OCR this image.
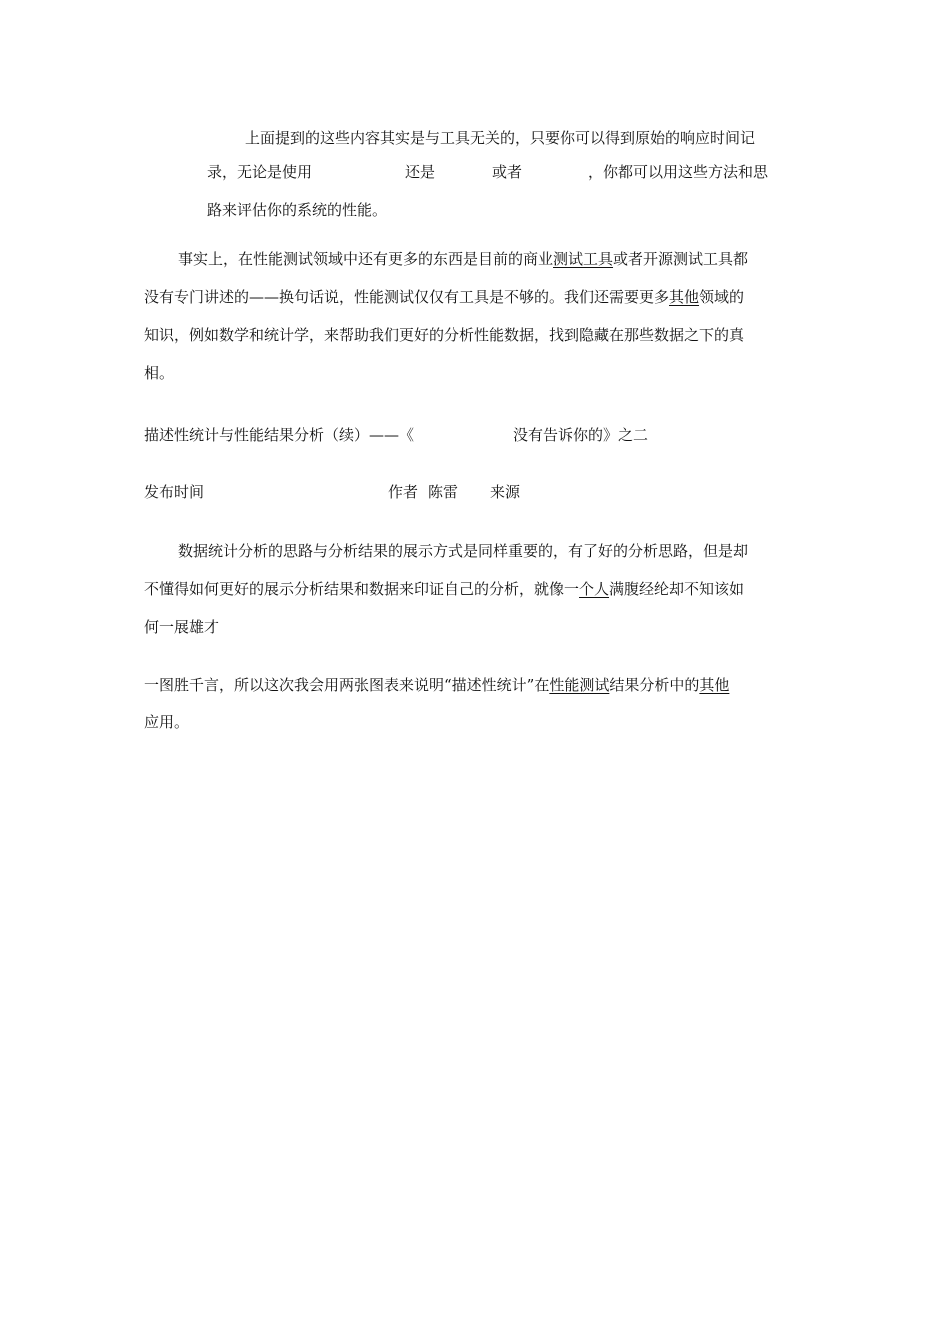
上面提到的这些内容其实是与工具无关的，只要你可以得到原始的响应时间记
录，无论是使用	还是	或者	，你都可以用这些方法和思
路来评估你的系统的性能。
事实上，在性能测试领域中还有更多的东西是目前的商业测试工具或者开源测试工具都
没有专门讲述的——换句话说，性能测试仅仅有工具是不够的。我们还需要更多其他领域的
知识，例如数学和统计学，来帮助我们更好的分析性能数据，找到隐藏在那些数据之下的真
相。
描述性统计与性能结果分析（续）——《	没有告诉你的》之二
发布时间	作者 陈雷 来源
数据统计分析的思路与分析结果的展示方式是同样重要的，有了好的分析思路，但是却
不懂得如何更好的展示分析结果和数据来印证自己的分析，就像一个人满腹经纶却不知该如
何一展雄才
一图胜千言，所以这次我会用两张图表来说明“描述性统计”在性能测试结果分析中的其他
应用。
